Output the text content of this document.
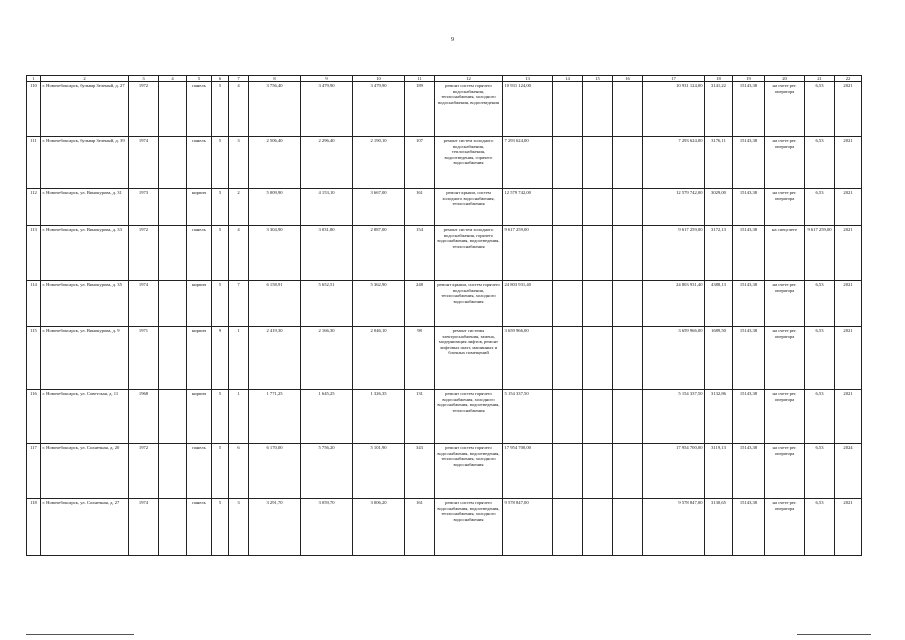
9
1	2	3	4	5	6	7	8	9	10	11	12	13	14	15	16	17	18	19	20	21	22
110	г. Новочебоксарск, бульвар Зеленый, д. 27	1972		панель	5	4	3 756,40	3 479,90	3 479,90	189	ремонт систем горячего водоснабжения, теплоснабжения, холодного водоснабжения, водоотведения	10 931 124,00				10 931 124,00	3141,22	15143,38	на счете рег. оператора	6,53	2021
111	г. Новочебоксарск, бульвар Зеленый, д. 39	1974		панель	5	3	2 506,40	2 296,40	2 190,10	107	ремонт систем холодного водоснабжения, теплоснабжения, водоотведения, горячего водоснабжения	7 293 624,00				7 293 624,00	3176,11	15143,38	на счете рег. оператора	6,53	2021
112	г. Новочебоксарск, ул. Винокурова, д. 31	1973		кирпич	5	2	5 009,90	4 153,10	3 667,00	161	ремонт крыши, систем холодного водоснабжения, теплоснабжения	12 579 742,00				12 579 742,00	3029,00	15143,38	на счете рег. оператора	6,53	2021
113	г. Новочебоксарск, ул. Винокурова, д. 33	1972		панель	5	4	3 304,90	3 031,80	2 887,00	154	ремонт систем холодного водоснабжения, горячего водоснабжения, водоотведения, теплоснабжения	9 617 259,00				9 617 259,00	3172,13	15143,38	на спецсчете	9 617 259,00	2021
114	г. Новочебоксарск, ул. Винокурова, д. 35	1974		кирпич	5	7	6 158,91	5 652,51	5 362,90	248	ремонт крыши, систем горячего водоснабжения, теплоснабжения, холодного водоснабжения	24 803 931,40				24 803 931,40	4388,13	15143,38	на счете рег. оператора	6,53	2021
115	г. Новочебоксарск, ул. Винокурова, д. 9	1971		кирпич	9	1	2 419,30	2 166,30	2 046,10	98	ремонт системы электроснабжения, замена, модернизация лифтов, ремонт лифтовых шахт, машинных и блочных помещений	3 659 966,00				3 659 966,00	1689,50	15143,38	на счете рег. оператора	6,53	2021
116	г. Новочебоксарск, ул. Советская, д. 11	1968		кирпич	5	1	1 771,25	1 645,25	1 326,35	131	ремонт систем горячего водоснабжения, холодного водоснабжения, водоотведения, теплоснабжения	5 154 337,50				5 154 337,50	3132,86	15143,38	на счете рег. оператора	6,53	2021
117	г. Новочебоксарск, ул. Солнечная, д. 20	1972		панель	5	6	6 170,00	5 756,20	5 101,90	343	ремонт систем горячего водоснабжения, водоотведения, теплоснабжения, холодного водоснабжения	17 954 700,00				17 954 700,00	3119,13	15143,38	на счете рег. оператора	6,53	2024
118	г. Новочебоксарск, ул. Солнечная, д. 27	1974		панель	5	3	3 291,70	3 059,70	3 006,20	161	ремонт систем горячего водоснабжения, водоотведения, теплоснабжения, холодного водоснабжения	9 578 847,00				9 578 847,00	3130,65	15143,38	на счете рег. оператора	6,53	2021
